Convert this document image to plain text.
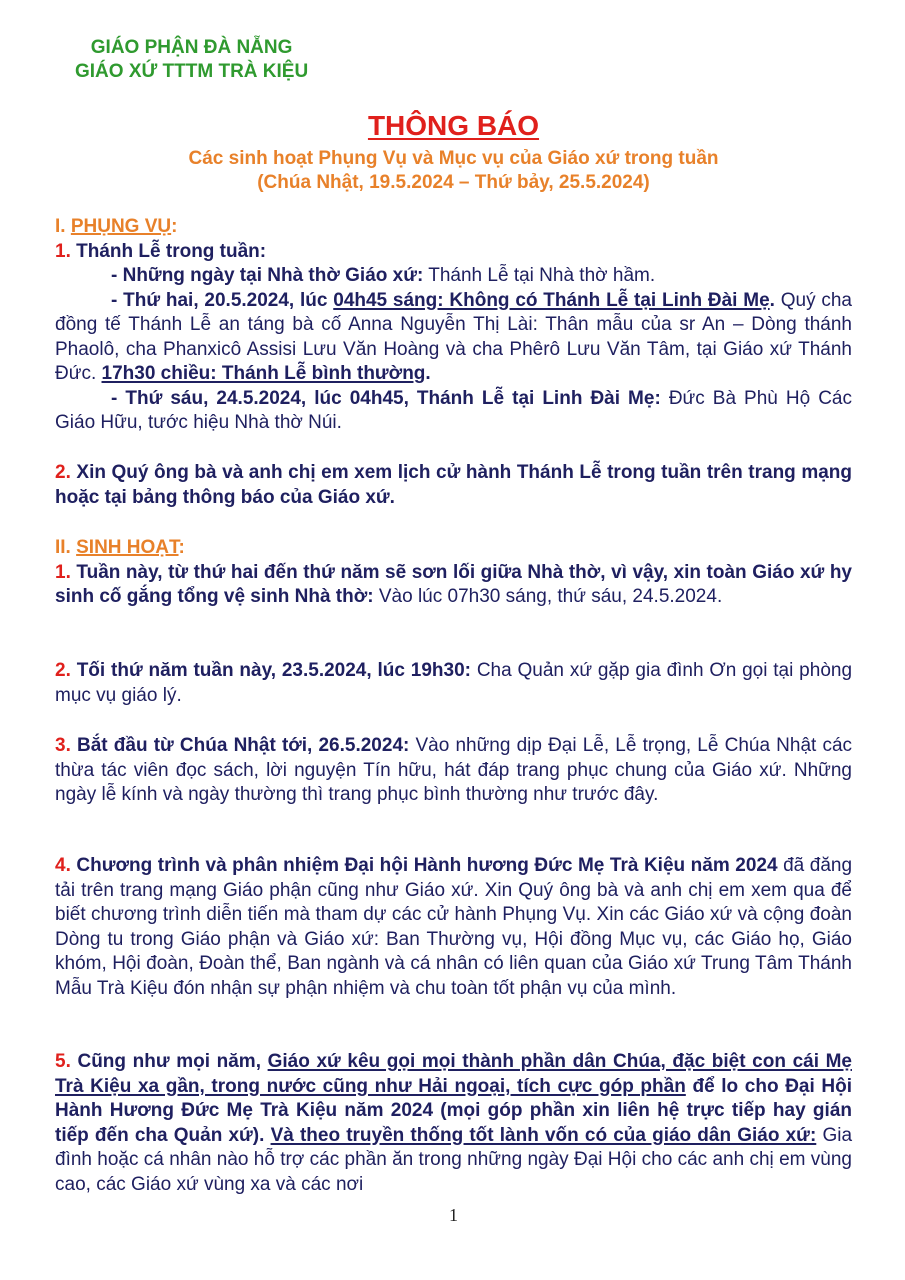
GIÁO PHẬN ĐÀ NẴNG
GIÁO XỨ TTTM TRÀ KIỆU
THÔNG BÁO
Các sinh hoạt Phụng Vụ và Mục vụ của Giáo xứ trong tuần
(Chúa Nhật, 19.5.2024 – Thứ bảy, 25.5.2024)
I. PHỤNG VỤ:
1. Thánh Lễ trong tuần:
- Những ngày tại Nhà thờ Giáo xứ: Thánh Lễ tại Nhà thờ hầm.
- Thứ hai, 20.5.2024, lúc 04h45 sáng: Không có Thánh Lễ tại Linh Đài Mẹ. Quý cha đồng tế Thánh Lễ an táng bà cố Anna Nguyễn Thị Lài: Thân mẫu của sr An – Dòng thánh Phaolô, cha Phanxicô Assisi Lưu Văn Hoàng và cha Phêrô Lưu Văn Tâm, tại Giáo xứ Thánh Đức. 17h30 chiều: Thánh Lễ bình thường.
- Thứ sáu, 24.5.2024, lúc 04h45, Thánh Lễ tại Linh Đài Mẹ: Đức Bà Phù Hộ Các Giáo Hữu, tước hiệu Nhà thờ Núi.
2. Xin Quý ông bà và anh chị em xem lịch cử hành Thánh Lễ trong tuần trên trang mạng hoặc tại bảng thông báo của Giáo xứ.
II. SINH HOẠT:
1. Tuần này, từ thứ hai đến thứ năm sẽ sơn lối giữa Nhà thờ, vì vậy, xin toàn Giáo xứ hy sinh cố gắng tổng vệ sinh Nhà thờ: Vào lúc 07h30 sáng, thứ sáu, 24.5.2024.
2. Tối thứ năm tuần này, 23.5.2024, lúc 19h30: Cha Quản xứ gặp gia đình Ơn gọi tại phòng mục vụ giáo lý.
3. Bắt đầu từ Chúa Nhật tới, 26.5.2024: Vào những dịp Đại Lễ, Lễ trọng, Lễ Chúa Nhật các thừa tác viên đọc sách, lời nguyện Tín hữu, hát đáp trang phục chung của Giáo xứ. Những ngày lễ kính và ngày thường thì trang phục bình thường như trước đây.
4. Chương trình và phân nhiệm Đại hội Hành hương Đức Mẹ Trà Kiệu năm 2024 đã đăng tải trên trang mạng Giáo phận cũng như Giáo xứ. Xin Quý ông bà và anh chị em xem qua để biết chương trình diễn tiến mà tham dự các cử hành Phụng Vụ. Xin các Giáo xứ và cộng đoàn Dòng tu trong Giáo phận và Giáo xứ: Ban Thường vụ, Hội đồng Mục vụ, các Giáo họ, Giáo khóm, Hội đoàn, Đoàn thể, Ban ngành và cá nhân có liên quan của Giáo xứ Trung Tâm Thánh Mẫu Trà Kiệu đón nhận sự phận nhiệm và chu toàn tốt phận vụ của mình.
5. Cũng như mọi năm, Giáo xứ kêu gọi mọi thành phần dân Chúa, đặc biệt con cái Mẹ Trà Kiệu xa gần, trong nước cũng như Hải ngoại, tích cực góp phần để lo cho Đại Hội Hành Hương Đức Mẹ Trà Kiệu năm 2024 (mọi góp phần xin liên hệ trực tiếp hay gián tiếp đến cha Quản xứ). Và theo truyền thống tốt lành vốn có của giáo dân Giáo xứ: Gia đình hoặc cá nhân nào hỗ trợ các phần ăn trong những ngày Đại Hội cho các anh chị em vùng cao, các Giáo xứ vùng xa và các nơi
1
